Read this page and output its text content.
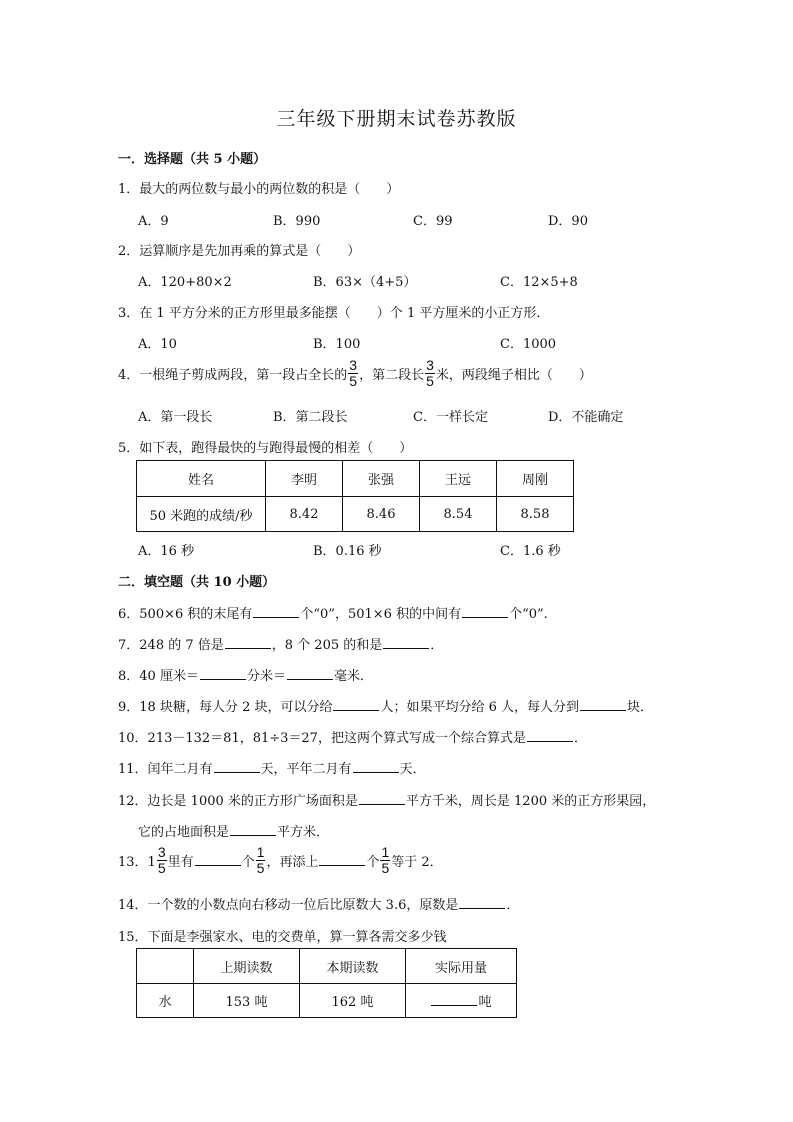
三年级下册期末试卷苏教版
一．选择题（共 5 小题）
1．最大的两位数与最小的两位数的积是（　　）
A．9	B．990	C．99	D．90
2．运算顺序是先加再乘的算式是（　　）
A．120+80×2	B．63×（4+5）	C．12×5+8
3．在 1 平方分米的正方形里最多能摆（　　）个 1 平方厘米的小正方形．
A．10	B．100	C．1000
4．一根绳子剪成两段，第一段占全长的 $\frac{3}{5}$ ，第二段长 $\frac{3}{5}$ 米，两段绳子相比（　　）
A．第一段长	B．第二段长	C．一样长定	D．不能确定
5．如下表，跑得最快的与跑得最慢的相差（　　）
姓名	李明	张强	王远	周刚
50 米跑的成绩/秒	8.42	8.46	8.54	8.58
A．16 秒	B．0.16 秒	C．1.6 秒
二．填空题（共 10 小题）
6．500×6 积的末尾有	个“0”，501×6 积的中间有	个“0”.
7．248 的 7 倍是	，8 个 205 的和是	．
8．40 厘米＝	分米＝	毫米．
9．18 块糖，每人分 2 块，可以分给	人；如果平均分给 6 人，每人分到	块．
10．213－132＝81，81÷3＝27，把这两个算式写成一个综合算式是	．
11．闰年二月有	天，平年二月有	天．
12．边长是 1000 米的正方形广场面积是	平方千米，周长是 1200 米的正方形果园，
它的占地面积是	平方米．
13．$1 \frac{3}{5}$ 里有	个 $\frac{1}{5}$ ，再添上	个 $\frac{1}{5}$ 等于 2．
14．一个数的小数点向右移动一位后比原数大 3.6，原数是	．
15．下面是李强家水、电的交费单，算一算各需交多少钱
	上期读数	本期读数	实际用量
水	153 吨	162 吨	吨
